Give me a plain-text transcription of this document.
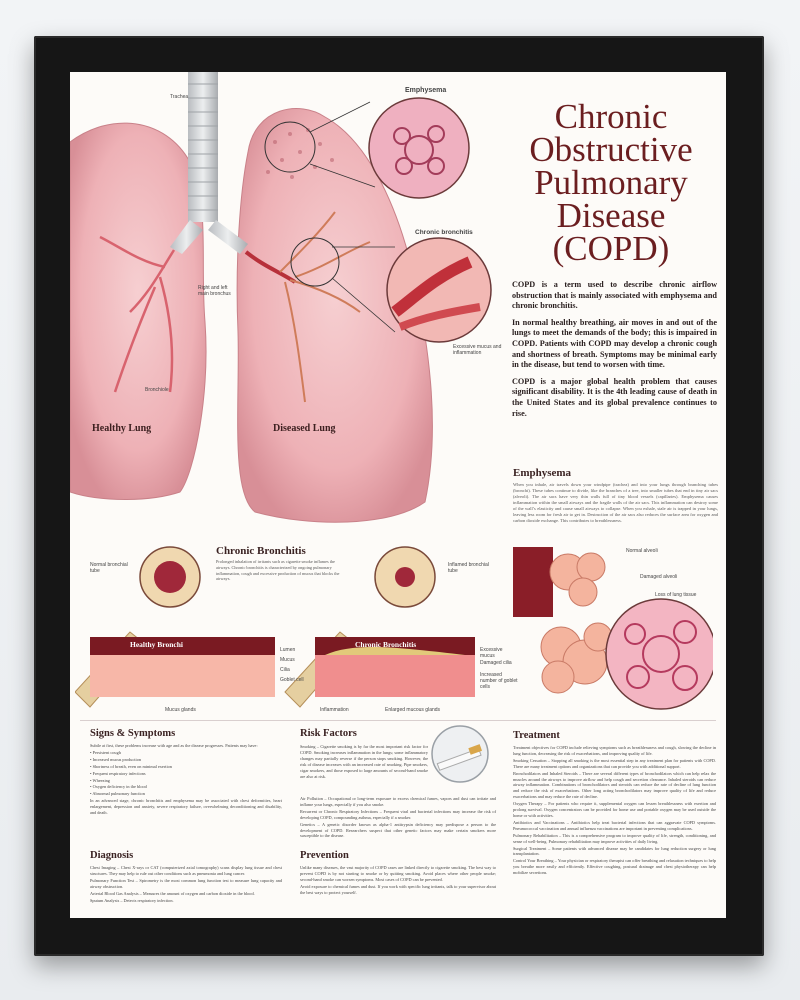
Chronic
Obstructive
Pulmonary
Disease
(COPD)

COPD is a term used to describe chronic airflow obstruction that is mainly associated with emphysema and chronic bronchitis.

In normal healthy breathing, air moves in and out of the lungs to meet the demands of the body; this is impaired in COPD. Patients with COPD may develop a chronic cough and shortness of breath. Symptoms may be minimal early in the disease, but tend to worsen with time.

COPD is a major global health problem that causes significant disability. It is the 4th leading cause of death in the United States and its global prevalence continues to rise.

Trachea
Right and left main bronchus
Bronchiole
Healthy Lung	Diseased Lung
Emphysema
Chronic bronchitis
Excessive mucus and inflammation
Emphysema
When you inhale, air travels down your windpipe (trachea) and into your lungs through branching tubes (bronchi). These tubes continue to divide, like the branches of a tree, into smaller tubes that end in tiny air sacs (alveoli). The air sacs have very thin walls full of tiny blood vessels (capillaries). Emphysema causes inflammation within the small airways and the fragile walls of the air sacs. This inflammation can destroy some of the wall’s elasticity and cause small airways to collapse. When you exhale, stale air is trapped in your lungs, leaving less room for fresh air to get in. Destruction of the air sacs also reduces the surface area for oxygen and carbon dioxide exchange. This contributes to breathlessness.
Normal alveoli
Damaged alveoli
Loss of lung tissue
Chronic Bronchitis
Prolonged inhalation of irritants such as cigarette smoke inflames the airways. Chronic bronchitis is characterized by ongoing pulmonary inflammation, cough and excessive production of mucus that blocks the airways.
Healthy Bronchi	Chronic Bronchitis
Normal bronchial tube
Inflamed bronchial tube
Lumen
Mucus
Cilia
Goblet cell
Mucus glands	Inflammation	Enlarged mucous glands
Excessive mucus
Damaged cilia
Increased number of goblet cells
Signs & Symptoms
Subtle at first, these problems increase with age and as the disease progresses. Patients may have:
• Persistent cough
• Increased mucus production
• Shortness of breath, even on minimal exertion
• Frequent respiratory infections
• Wheezing
• Oxygen deficiency in the blood
• Abnormal pulmonary function
In an advanced stage, chronic bronchitis and emphysema may be associated with chest deformities, heart enlargement, depression and anxiety, severe respiratory failure, overwhelming deconditioning and disability, and death.
Diagnosis
Chest Imaging – Chest X-rays or CAT (computerized axial tomography) scans display lung tissue and chest structures. They may help to rule out other conditions such as pneumonia and lung cancer.
Pulmonary Function Test – Spirometry is the most common lung function test to measure lung capacity and airway obstruction.
Arterial Blood Gas Analysis – Measures the amount of oxygen and carbon dioxide in the blood.
Sputum Analysis – Detects respiratory infection.
Risk Factors
Smoking – Cigarette smoking is by far the most important risk factor for COPD. Smoking increases inflammation in the lungs; some inflammatory changes may partially reverse if the person stops smoking. However, the risk of disease increases with an increased rate of smoking. Pipe smokers, cigar smokers, and those exposed to large amounts of second-hand smoke are also at risk.
Air Pollution – Occupational or long-term exposure to excess chemical fumes, vapors and dust can irritate and inflame your lungs, especially if you also smoke.
Recurrent or Chronic Respiratory Infections – Frequent viral and bacterial infections may increase the risk of developing COPD, compounding asthma, especially if a smoker.
Genetics – A genetic disorder known as alpha-1 antitrypsin deficiency may predispose a person to the development of COPD. Researchers suspect that other genetic factors may make certain smokers more susceptible to the disease.
Prevention
Unlike many diseases, the vast majority of COPD cases are linked directly to cigarette smoking. The best way to prevent COPD is by not starting to smoke or by quitting smoking. Avoid places where other people smoke; second-hand smoke can worsen symptoms. Most cases of COPD can be prevented.
Avoid exposure to chemical fumes and dust. If you work with specific lung irritants, talk to your supervisor about the best ways to protect yourself.
Treatment
Treatment objectives for COPD include relieving symptoms such as breathlessness and cough, slowing the decline in lung function, decreasing the risk of exacerbations, and improving quality of life.
Smoking Cessation – Stopping all smoking is the most essential step in any treatment plan for patients with COPD. There are many treatment options and organizations that can provide you with additional support.
Bronchodilators and Inhaled Steroids – There are several different types of bronchodilators which can help relax the muscles around the airways to improve airflow and help cough and secretion clearance. Inhaled steroids can reduce airway inflammation. Combinations of bronchodilators and steroids can reduce the rate of decline of lung function and reduce the risk of exacerbations. Other long acting bronchodilators may improve quality of life and reduce exacerbations and may reduce the rate of decline.
Oxygen Therapy – For patients who require it, supplemental oxygen can lessen breathlessness with exertion and prolong survival. Oxygen concentrators can be provided for home use and portable oxygen may be used outside the home or with activities.
Antibiotics and Vaccinations – Antibiotics help treat bacterial infections that can aggravate COPD symptoms. Pneumococcal vaccination and annual influenza vaccinations are important in preventing complications.
Pulmonary Rehabilitation – This is a comprehensive program to improve quality of life, strength, conditioning, and sense of well-being. Pulmonary rehabilitation may improve activities of daily living.
Surgical Treatment – Some patients with advanced disease may be candidates for lung reduction surgery or lung transplantation.
Control Your Breathing – Your physician or respiratory therapist can offer breathing and relaxation techniques to help you breathe more easily and efficiently. Effective coughing, postural drainage and chest physiotherapy can help mobilize secretions.
